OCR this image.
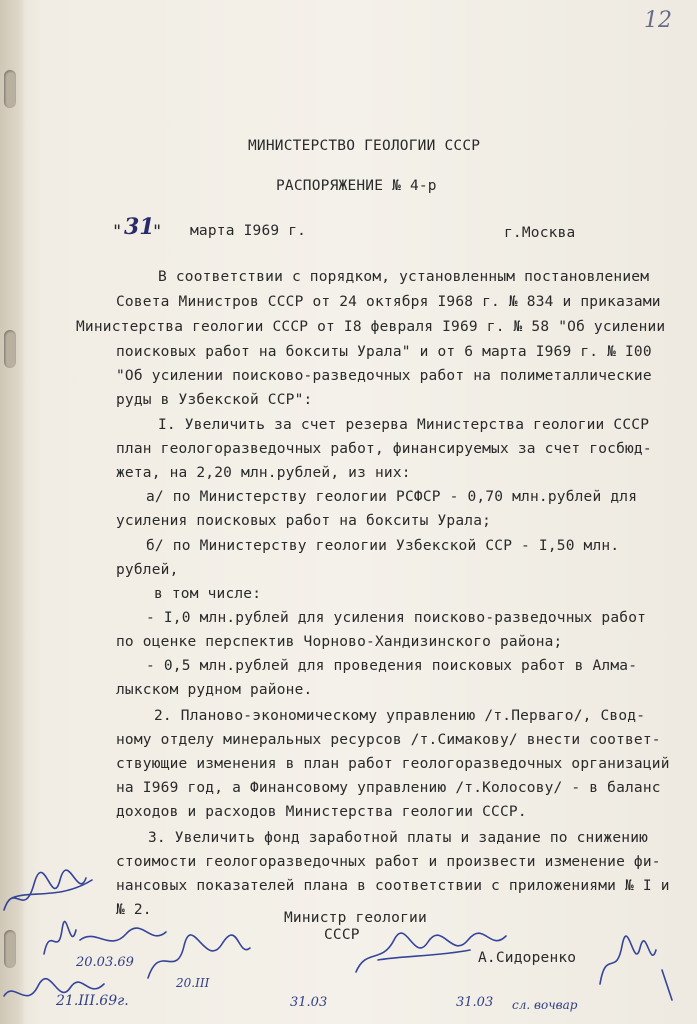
12
МИНИСТЕРСТВО ГЕОЛОГИИ СССР
РАСПОРЯЖЕНИЕ № 4-р
" 31
" марта I969 г.	г.Москва
В соответствии с порядком, установленным постановлением
Совета Министров СССР от 24 октября I968 г. № 834 и приказами
Министерства геологии СССР от I8 февраля I969 г. № 58 "Об усилении
поисковых работ на бокситы Урала" и от 6 марта I969 г. № I00
"Об усилении поисково-разведочных работ на полиметаллические
руды в Узбекской ССР":
I. Увеличить за счет резерва Министерства геологии СССР
план геологоразведочных работ, финансируемых за счет госбюд-
жета, на 2,20 млн.рублей, из них:
а/ по Министерству геологии РСФСР - 0,70 млн.рублей для
усиления поисковых работ на бокситы Урала;
б/ по Министерству геологии Узбекской ССР - I,50 млн.
рублей,
в том числе:
- I,0 млн.рублей для усиления поисково-разведочных работ
по оценке перспектив Чорново-Хандизинского района;
- 0,5 млн.рублей для проведения поисковых работ в Алма-
лыкском рудном районе.
2. Планово-экономическому управлению /т.Перваго/, Свод-
ному отделу минеральных ресурсов /т.Симакову/ внести соответ-
ствующие изменения в план работ геологоразведочных организаций
на I969 год, а Финансовому управлению /т.Колосову/ - в баланс
доходов и расходов Министерства геологии СССР.
3. Увеличить фонд заработной платы и задание по снижению
стоимости геологоразведочных работ и произвести изменение фи-
нансовых показателей плана в соответствии с приложениями № I и
№ 2.	Министр геологии
СССР
А.Сидоренко
20.03.69
21.III.69г.
20.III
31.03	31.03 сл. вочвар
